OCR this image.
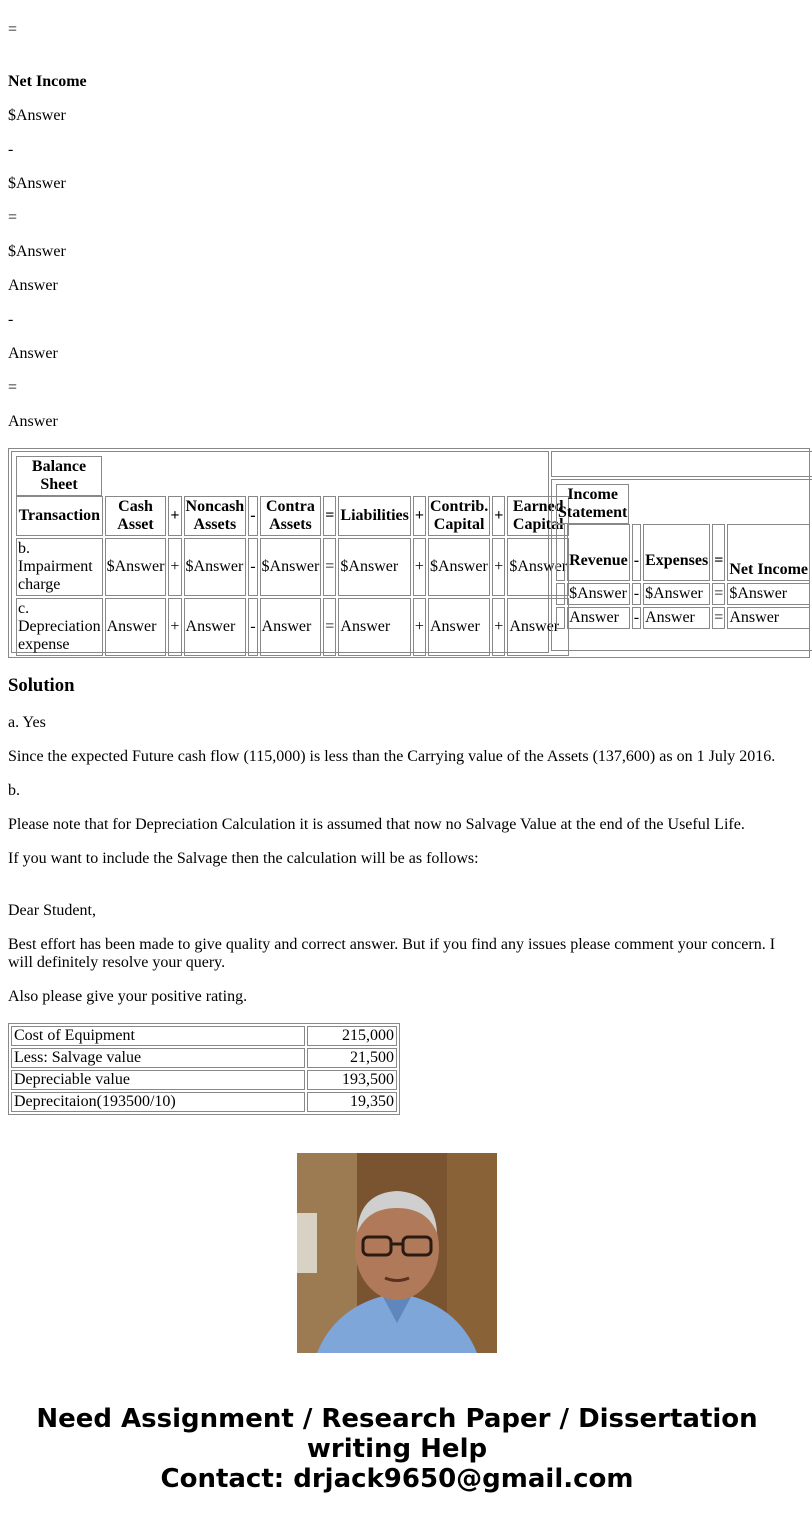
=
Net Income
$Answer
-
$Answer
=
$Answer
Answer
-
Answer
=
Answer
Balance Sheet
Transaction	Cash Asset	+	Noncash Assets	-	Contra Assets	=	Liabilities	+	Contrib. Capital	+	Earned Capital
b. Impairment charge	$Answer	+	$Answer	-	$Answer	=	$Answer	+	$Answer	+	$Answer
c. Depreciation expense	Answer	+	Answer	-	Answer	=	Answer	+	Answer	+	Answer
Income Statement
	Revenue	-	Expenses	=	Net Income
	$Answer	-	$Answer	=	$Answer
	Answer	-	Answer	=	Answer
Solution
a. Yes
Since the expected Future cash flow (115,000) is less than the Carrying value of the Assets (137,600) as on 1 July 2016.
b.
Please note that for Depreciation Calculation it is assumed that now no Salvage Value at the end of the Useful Life.
If you want to include the Salvage then the calculation will be as follows:
Dear Student,
Best effort has been made to give quality and correct answer. But if you find any issues please comment your concern. I will definitely resolve your query.
Also please give your positive rating.
Cost of Equipment	215,000
Less: Salvage value	21,500
Depreciable value	193,500
Deprecitaion(193500/10)	19,350
Need Assignment / Research Paper / Dissertation
writing Help
Contact: drjack9650@gmail.com
